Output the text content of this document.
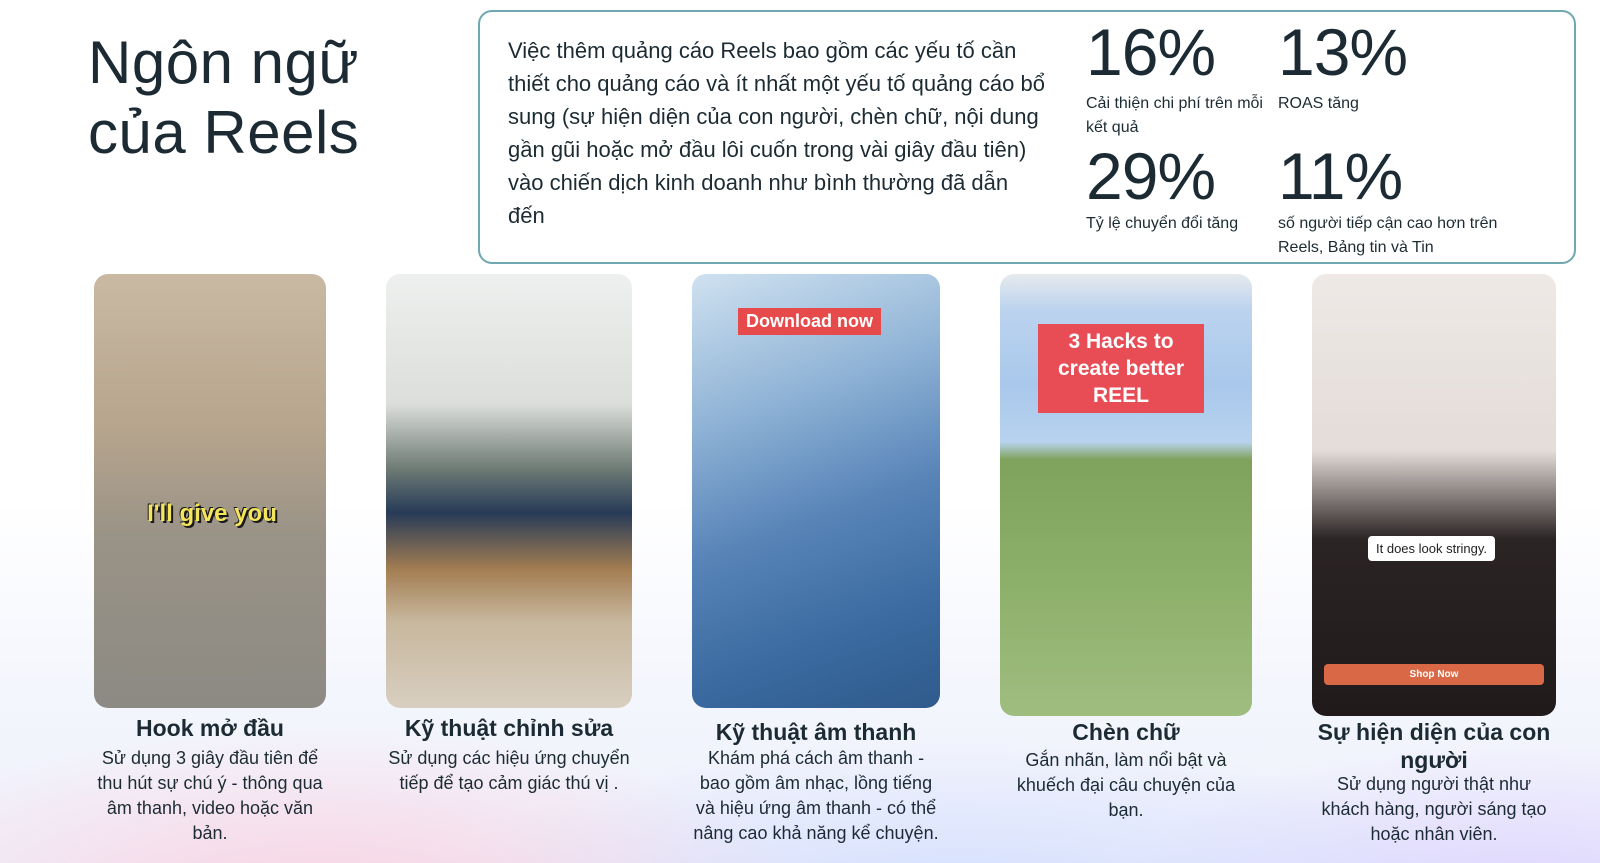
Ngôn ngữ
của Reels

Việc thêm quảng cáo Reels bao gồm các yếu tố cần thiết cho quảng cáo và ít nhất một yếu tố quảng cáo bổ sung (sự hiện diện của con người, chèn chữ, nội dung gần gũi hoặc mở đầu lôi cuốn trong vài giây đầu tiên) vào chiến dịch kinh doanh như bình thường đã dẫn đến

16%
Cải thiện chi phí trên mỗi kết quả
13%
ROAS tăng
29%
Tỷ lệ chuyển đổi tăng
11%
số người tiếp cận cao hơn trên Reels, Bảng tin và Tin
I'll give you
Hook mở đầu
Sử dụng 3 giây đầu tiên để thu hút sự chú ý - thông qua âm thanh, video hoặc văn bản.
Kỹ thuật chỉnh sửa
Sử dụng các hiệu ứng chuyển tiếp để tạo cảm giác thú vị .
Download now
Kỹ thuật âm thanh
Khám phá cách âm thanh - bao gồm âm nhạc, lồng tiếng và hiệu ứng âm thanh - có thể nâng cao khả năng kể chuyện.
3 Hacks to create better REEL
Chèn chữ
Gắn nhãn, làm nổi bật và khuếch đại câu chuyện của bạn.
It does look stringy.
Shop Now
Sự hiện diện của con người
Sử dụng người thật như khách hàng, người sáng tạo hoặc nhân viên.
